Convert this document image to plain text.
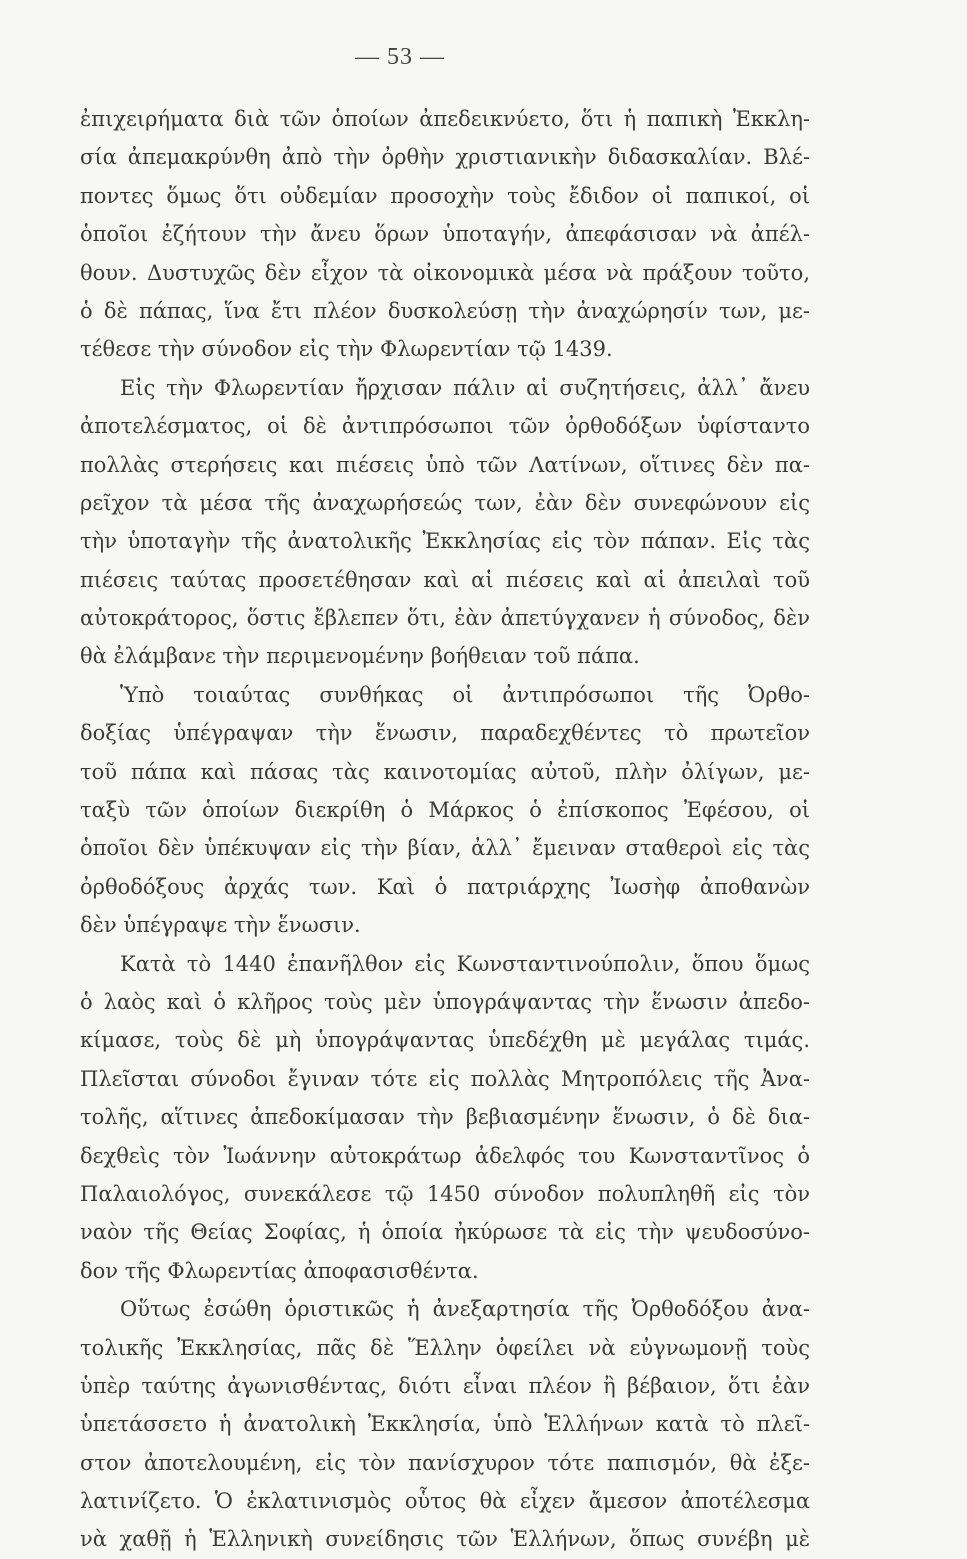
— 53 —
ἐπιχειρήματα διὰ τῶν ὁποίων ἀπεδεικνύετο, ὅτι ἡ παπικὴ Ἐκκλη-
σία ἀπεμακρύνθη ἀπὸ τὴν ὀρθὴν χριστιανικὴν διδασκαλίαν. Βλέ-
ποντες ὅμως ὅτι οὐδεμίαν προσοχὴν τοὺς ἔδιδον οἱ παπικοί, οἱ
ὁποῖοι ἐζήτουν τὴν ἄνευ ὅρων ὑποταγήν, ἀπεφάσισαν νὰ ἀπέλ-
θουν. Δυστυχῶς δὲν εἶχον τὰ οἰκονομικὰ μέσα νὰ πράξουν τοῦτο,
ὁ δὲ πάπας, ἵνα ἔτι πλέον δυσκολεύσῃ τὴν ἀναχώρησίν των, με-
τέθεσε τὴν σύνοδον εἰς τὴν Φλωρεντίαν τῷ 1439.
Εἰς τὴν Φλωρεντίαν ἤρχισαν πάλιν αἱ συζητήσεις, ἀλλ᾽ ἄνευ
ἀποτελέσματος, οἱ δὲ ἀντιπρόσωποι τῶν ὀρθοδόξων ὑφίσταντο
πολλὰς στερήσεις και πιέσεις ὑπὸ τῶν Λατίνων, οἵτινες δὲν πα-
ρεῖχον τὰ μέσα τῆς ἀναχωρήσεώς των, ἐὰν δὲν συνεφώνουν εἰς
τὴν ὑποταγὴν τῆς ἀνατολικῆς Ἐκκλησίας εἰς τὸν πάπαν. Εἰς τὰς
πιέσεις ταύτας προσετέθησαν καὶ αἱ πιέσεις καὶ αἱ ἀπειλαὶ τοῦ
αὐτοκράτορος, ὅστις ἔβλεπεν ὅτι, ἐὰν ἀπετύγχανεν ἡ σύνοδος, δὲν
θὰ ἐλάμβανε τὴν περιμενομένην βοήθειαν τοῦ πάπα.
Ὑπὸ τοιαύτας συνθήκας οἱ ἀντιπρόσωποι τῆς Ὀρθο-
δοξίας ὑπέγραψαν τὴν ἕνωσιν, παραδεχθέντες τὸ πρωτεῖον
τοῦ πάπα καὶ πάσας τὰς καινοτομίας αὐτοῦ, πλὴν ὀλίγων, με-
ταξὺ τῶν ὁποίων διεκρίθη ὁ Μάρκος ὁ ἐπίσκοπος Ἐφέσου, οἱ
ὁποῖοι δὲν ὑπέκυψαν εἰς τὴν βίαν, ἀλλ᾽ ἔμειναν σταθεροὶ εἰς τὰς
ὀρθοδόξους ἀρχάς των. Καὶ ὁ πατριάρχης Ἰωσὴφ ἀποθανὼν
δὲν ὑπέγραψε τὴν ἕνωσιν.
Κατὰ τὸ 1440 ἐπανῆλθον εἰς Κωνσταντινούπολιν, ὅπου ὅμως
ὁ λαὸς καὶ ὁ κλῆρος τοὺς μὲν ὑπογράψαντας τὴν ἕνωσιν ἀπεδο-
κίμασε, τοὺς δὲ μὴ ὑπογράψαντας ὑπεδέχθη μὲ μεγάλας τιμάς.
Πλεῖσται σύνοδοι ἔγιναν τότε εἰς πολλὰς Μητροπόλεις τῆς Ἀνα-
τολῆς, αἵτινες ἀπεδοκίμασαν τὴν βεβιασμένην ἕνωσιν, ὁ δὲ δια-
δεχθεὶς τὸν Ἰωάννην αὐτοκράτωρ ἀδελφός του Κωνσταντῖνος ὁ
Παλαιολόγος, συνεκάλεσε τῷ 1450 σύνοδον πολυπληθῆ εἰς τὸν
ναὸν τῆς Θείας Σοφίας, ἡ ὁποία ἠκύρωσε τὰ εἰς τὴν ψευδοσύνο-
δον τῆς Φλωρεντίας ἀποφασισθέντα.
Οὕτως ἐσώθη ὁριστικῶς ἡ ἀνεξαρτησία τῆς Ὀρθοδόξου ἀνα-
τολικῆς Ἐκκλησίας, πᾶς δὲ Ἕλλην ὀφείλει νὰ εὐγνωμονῇ τοὺς
ὑπὲρ ταύτης ἀγωνισθέντας, διότι εἶναι πλέον ἢ βέβαιον, ὅτι ἐὰν
ὑπετάσσετο ἡ ἀνατολικὴ Ἐκκλησία, ὑπὸ Ἑλλήνων κατὰ τὸ πλεῖ-
στον ἀποτελουμένη, εἰς τὸν πανίσχυρον τότε παπισμόν, θὰ ἐξε-
λατινίζετο. Ὁ ἐκλατινισμὸς οὗτος θὰ εἶχεν ἄμεσον ἀποτέλεσμα
νὰ χαθῇ ἡ Ἑλληνικὴ συνείδησις τῶν Ἑλλήνων, ὅπως συνέβη μὲ
